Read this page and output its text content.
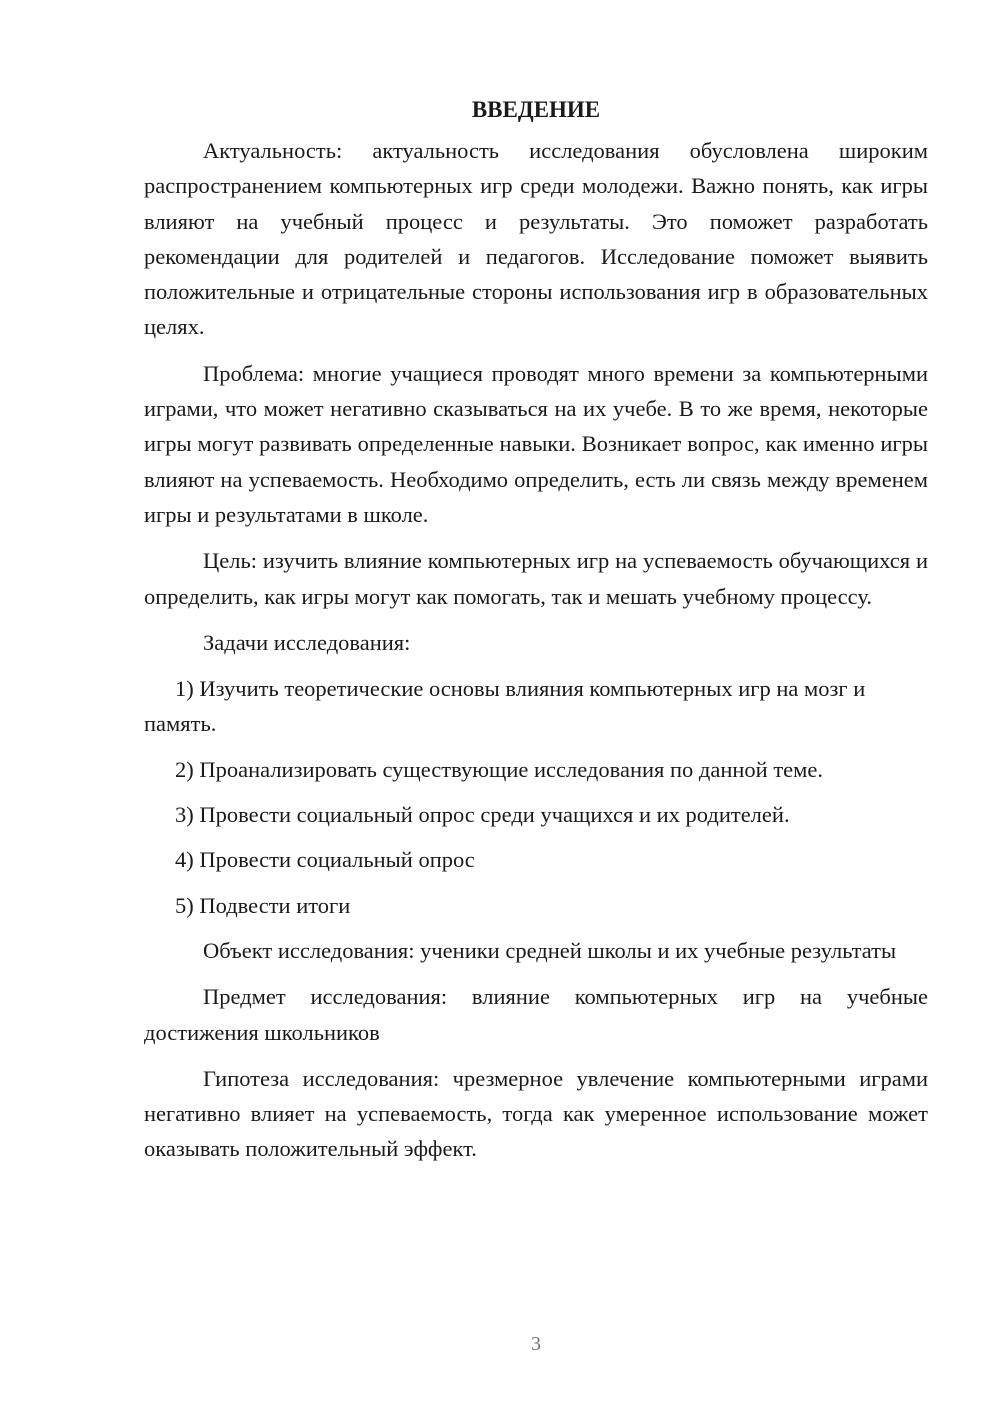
ВВЕДЕНИЕ

Актуальность: актуальность исследования обусловлена широким распространением компьютерных игр среди молодежи. Важно понять, как игры влияют на учебный процесс и результаты. Это поможет разработать рекомендации для родителей и педагогов. Исследование поможет выявить положительные и отрицательные стороны использования игр в образовательных целях.

Проблема: многие учащиеся проводят много времени за компьютерными играми, что может негативно сказываться на их учебе. В то же время, некоторые игры могут развивать определенные навыки. Возникает вопрос, как именно игры влияют на успеваемость. Необходимо определить, есть ли связь между временем игры и результатами в школе.

Цель: изучить влияние компьютерных игр на успеваемость обучающихся и определить, как игры могут как помогать, так и мешать учебному процессу.

Задачи исследования:

1) Изучить теоретические основы влияния компьютерных игр на мозг и память.

2) Проанализировать существующие исследования по данной теме.

3) Провести социальный опрос среди учащихся и их родителей.

4) Провести социальный опрос

5) Подвести итоги

Объект исследования: ученики средней школы и их учебные результаты

Предмет исследования: влияние компьютерных игр на учебные достижения школьников

Гипотеза исследования: чрезмерное увлечение компьютерными играми негативно влияет на успеваемость, тогда как умеренное использование может оказывать положительный эффект.

3
